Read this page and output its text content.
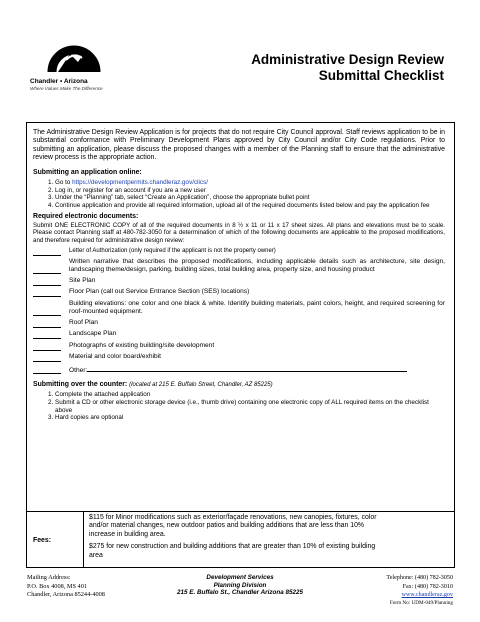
Chandler • Arizona
Where Values Make The Difference
Administrative Design Review
Submittal Checklist

The Administrative Design Review Application is for projects that do not require City Council approval. Staff reviews application to be in substantial conformance with Preliminary Development Plans approved by City Council and/or City Code regulations. Prior to submitting an application, please discuss the proposed changes with a member of the Planning staff to ensure that the administrative review process is the appropriate action.

Submitting an application online:

1. Go to https://developmentpermits.chandleraz.gov/clics/
2. Log in, or register for an account if you are a new user
3. Under the “Planning” tab, select “Create an Application”, choose the appropriate bullet point
4. Continue application and provide all required information, upload all of the required documents listed below and pay the application fee

Required electronic documents:

Submit ONE ELECTRONIC COPY of all of the required documents in 8 ½ x 11 or 11 x 17 sheet sizes. All plans and elevations must be to scale. Please contact Planning staff at 480-782-3050 for a determination of which of the following documents are applicable to the proposed modifications, and therefore required for administrative design review:

Letter of Authorization (only required if the applicant is not the property owner)
Written narrative that describes the proposed modifications, including applicable details such as architecture, site design, landscaping theme/design, parking, building sizes, total building area, property size, and housing product
Site Plan
Floor Plan (call out Service Entrance Section (SES) locations)
Building elevations: one color and one black & white. Identify building materials, paint colors, height, and required screening for roof-mounted equipment.
Roof Plan
Landscape Plan
Photographs of existing building/site development
Material and color board/exhibit
Other:

Submitting over the counter: (located at 215 E. Buffalo Street, Chandler, AZ 85225)

1. Complete the attached application
2. Submit a CD or other electronic storage device (i.e., thumb drive) containing one electronic copy of ALL required items on the checklist above
3. Hard copies are optional
Fees:

$115 for Minor modifications such as exterior/façade renovations, new canopies, fixtures, color and/or material changes, new outdoor patios and building additions that are less than 10% increase in building area.

$275 for new construction and building additions that are greater than 10% of existing building area

Mailing Address:
P.O. Box 4008, MS 401
Chandler, Arizona 85244-4008
Development Services
Planning Division
215 E. Buffalo St., Chandler Arizona 85225
Telephone: (480) 782-3050
Fax: (480) 782-3010
www.chandleraz.gov
Form No: UDM-049/Planning
